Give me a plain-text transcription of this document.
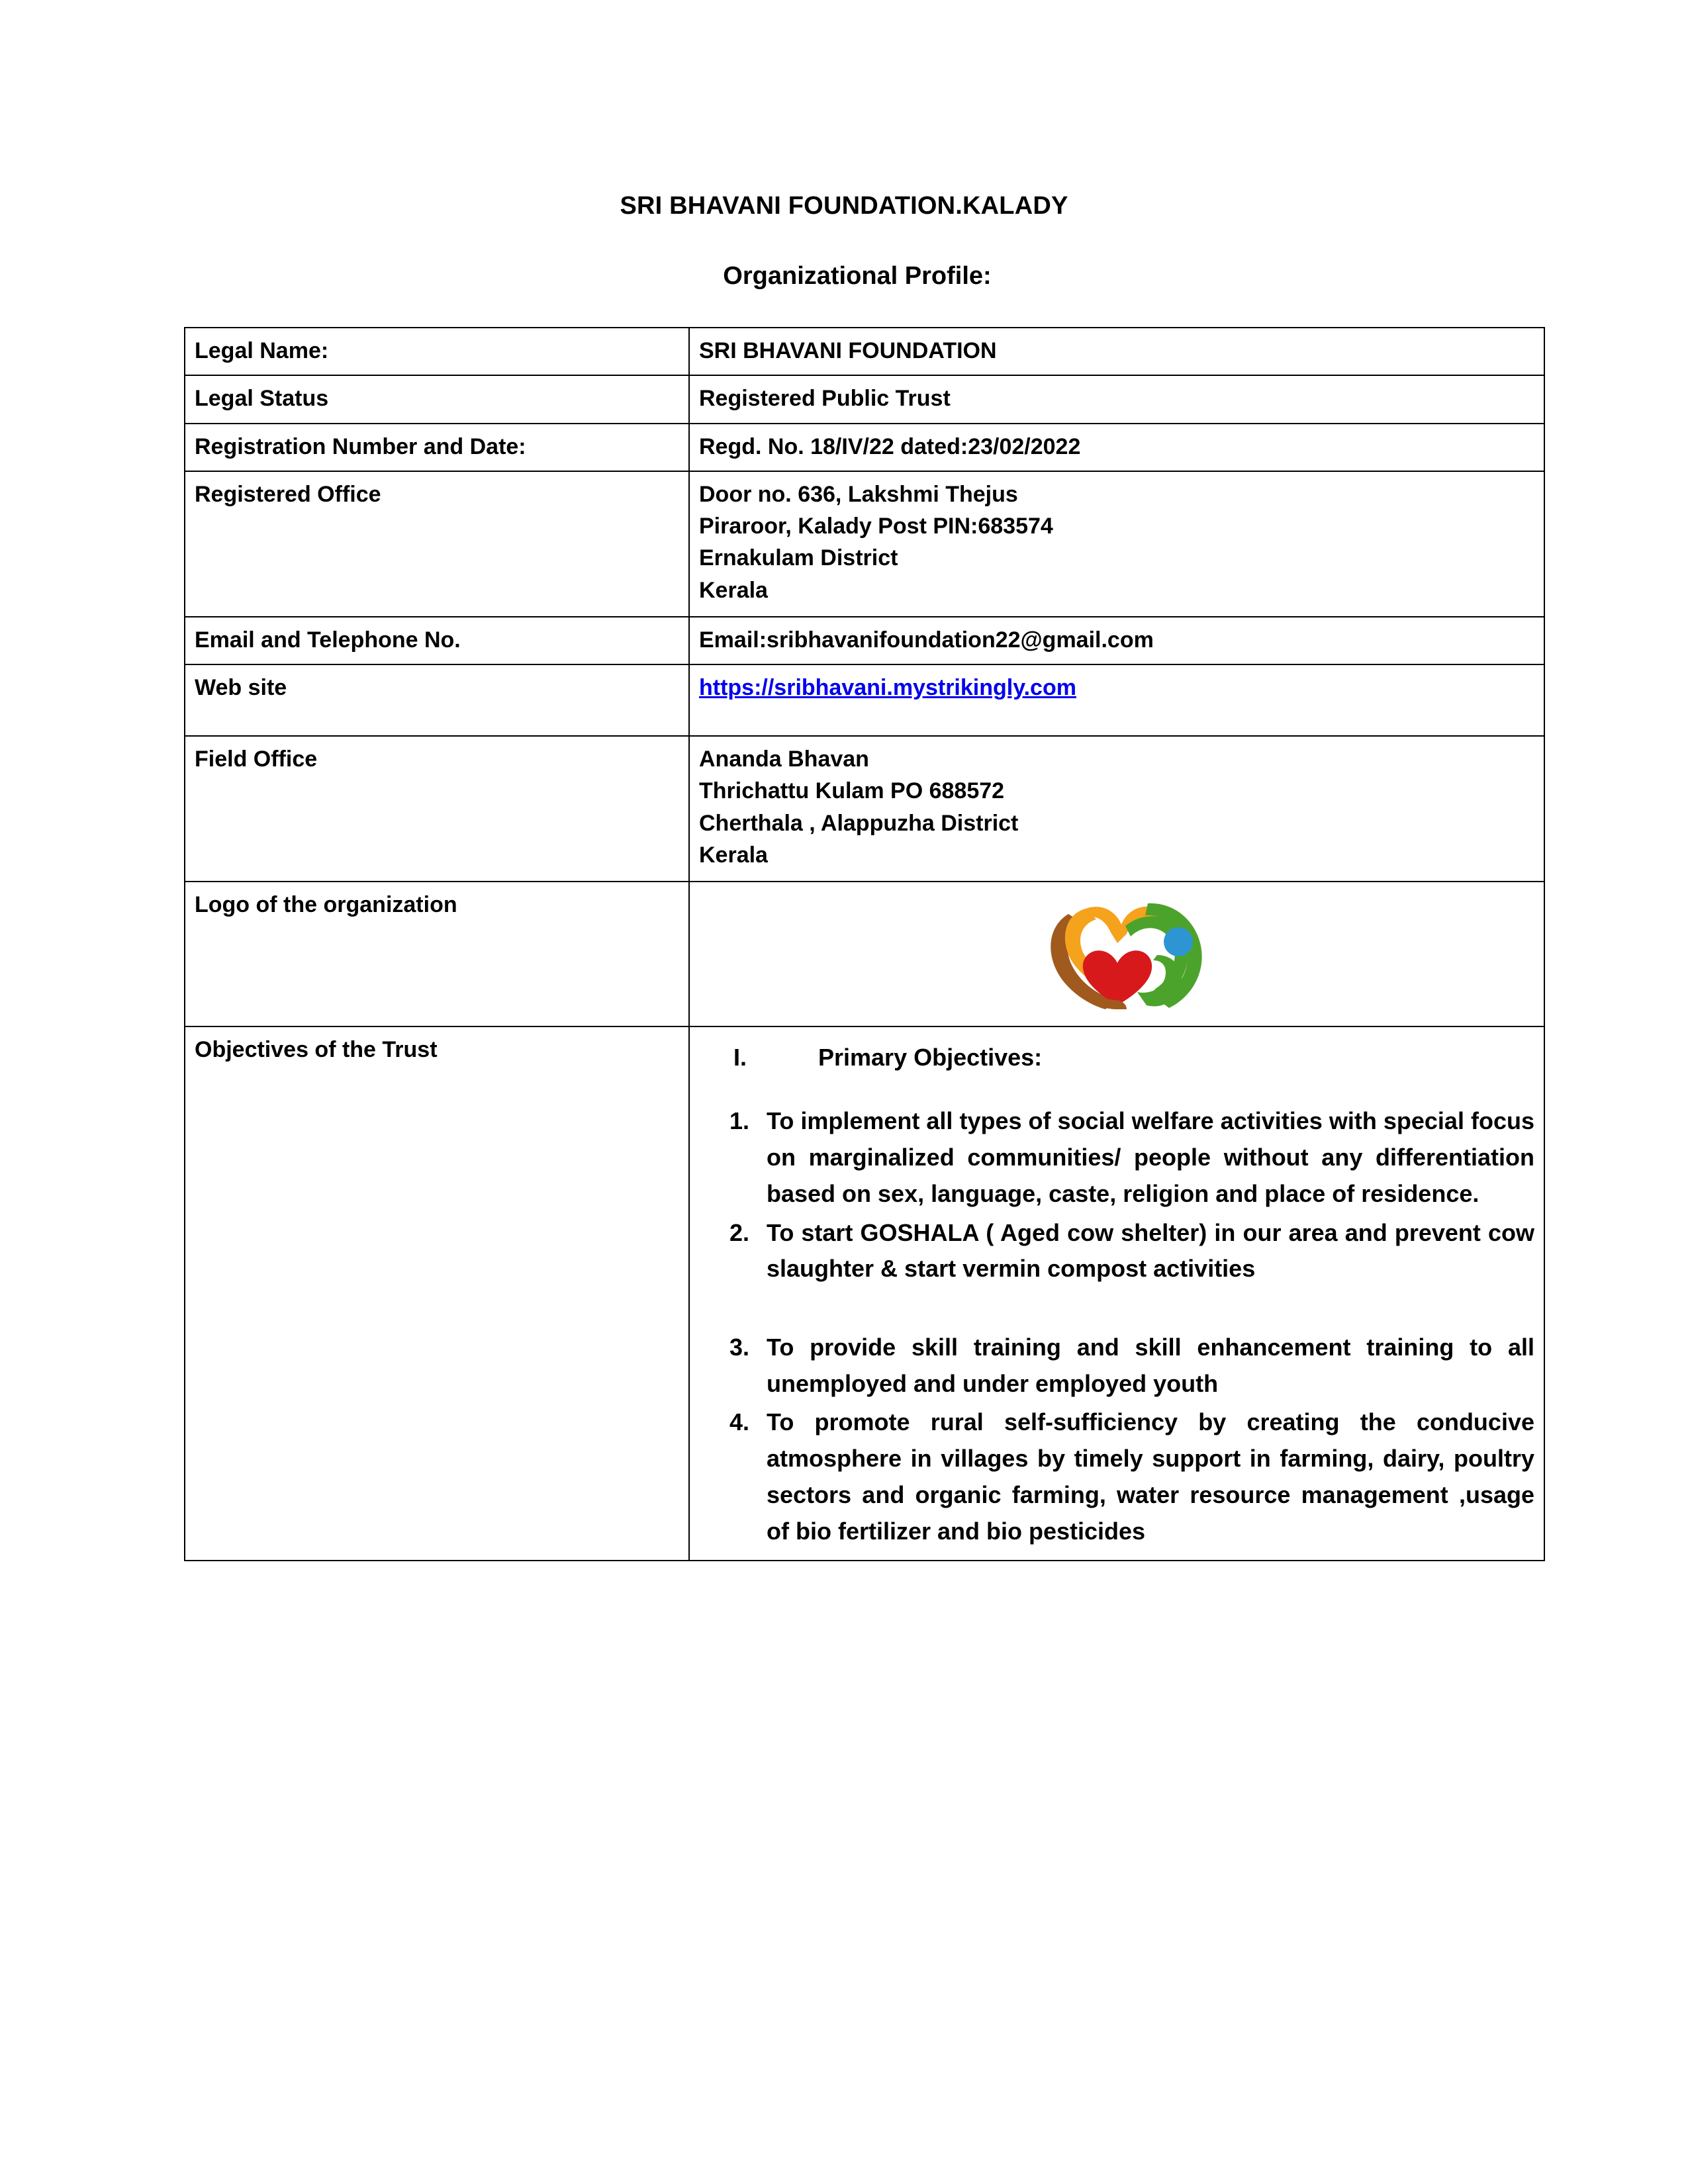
SRI BHAVANI FOUNDATION.KALADY
Organizational Profile:
Legal Name:	SRI BHAVANI FOUNDATION
Legal Status	Registered Public Trust
Registration Number and Date:	Regd. No. 18/IV/22 dated:23/02/2022
Registered Office	Door no. 636, Lakshmi Thejus
Piraroor, Kalady Post PIN:683574
Ernakulam District
Kerala

Email and Telephone No.	Email:sribhavanifoundation22@gmail.com
Web site	https://sribhavani.mystrikingly.com
Field Office	Ananda Bhavan
Thrichattu Kulam PO 688572
Cherthala , Alappuzha District
Kerala

Logo of the organization	

Objectives of the Trust	I.	Primary Objectives:
1. To implement all types of social welfare activities with special focus on marginalized communities/ people without any differentiation based on sex, language, caste, religion and place of residence.
2. To start GOSHALA ( Aged cow shelter) in our area and prevent cow slaughter & start vermin compost activities
3. To provide skill training and skill enhancement training to all unemployed and under employed youth
4. To promote rural self-sufficiency by creating the conducive atmosphere in villages by timely support in farming, dairy, poultry sectors and organic farming, water resource management ,usage of bio fertilizer and bio pesticides
